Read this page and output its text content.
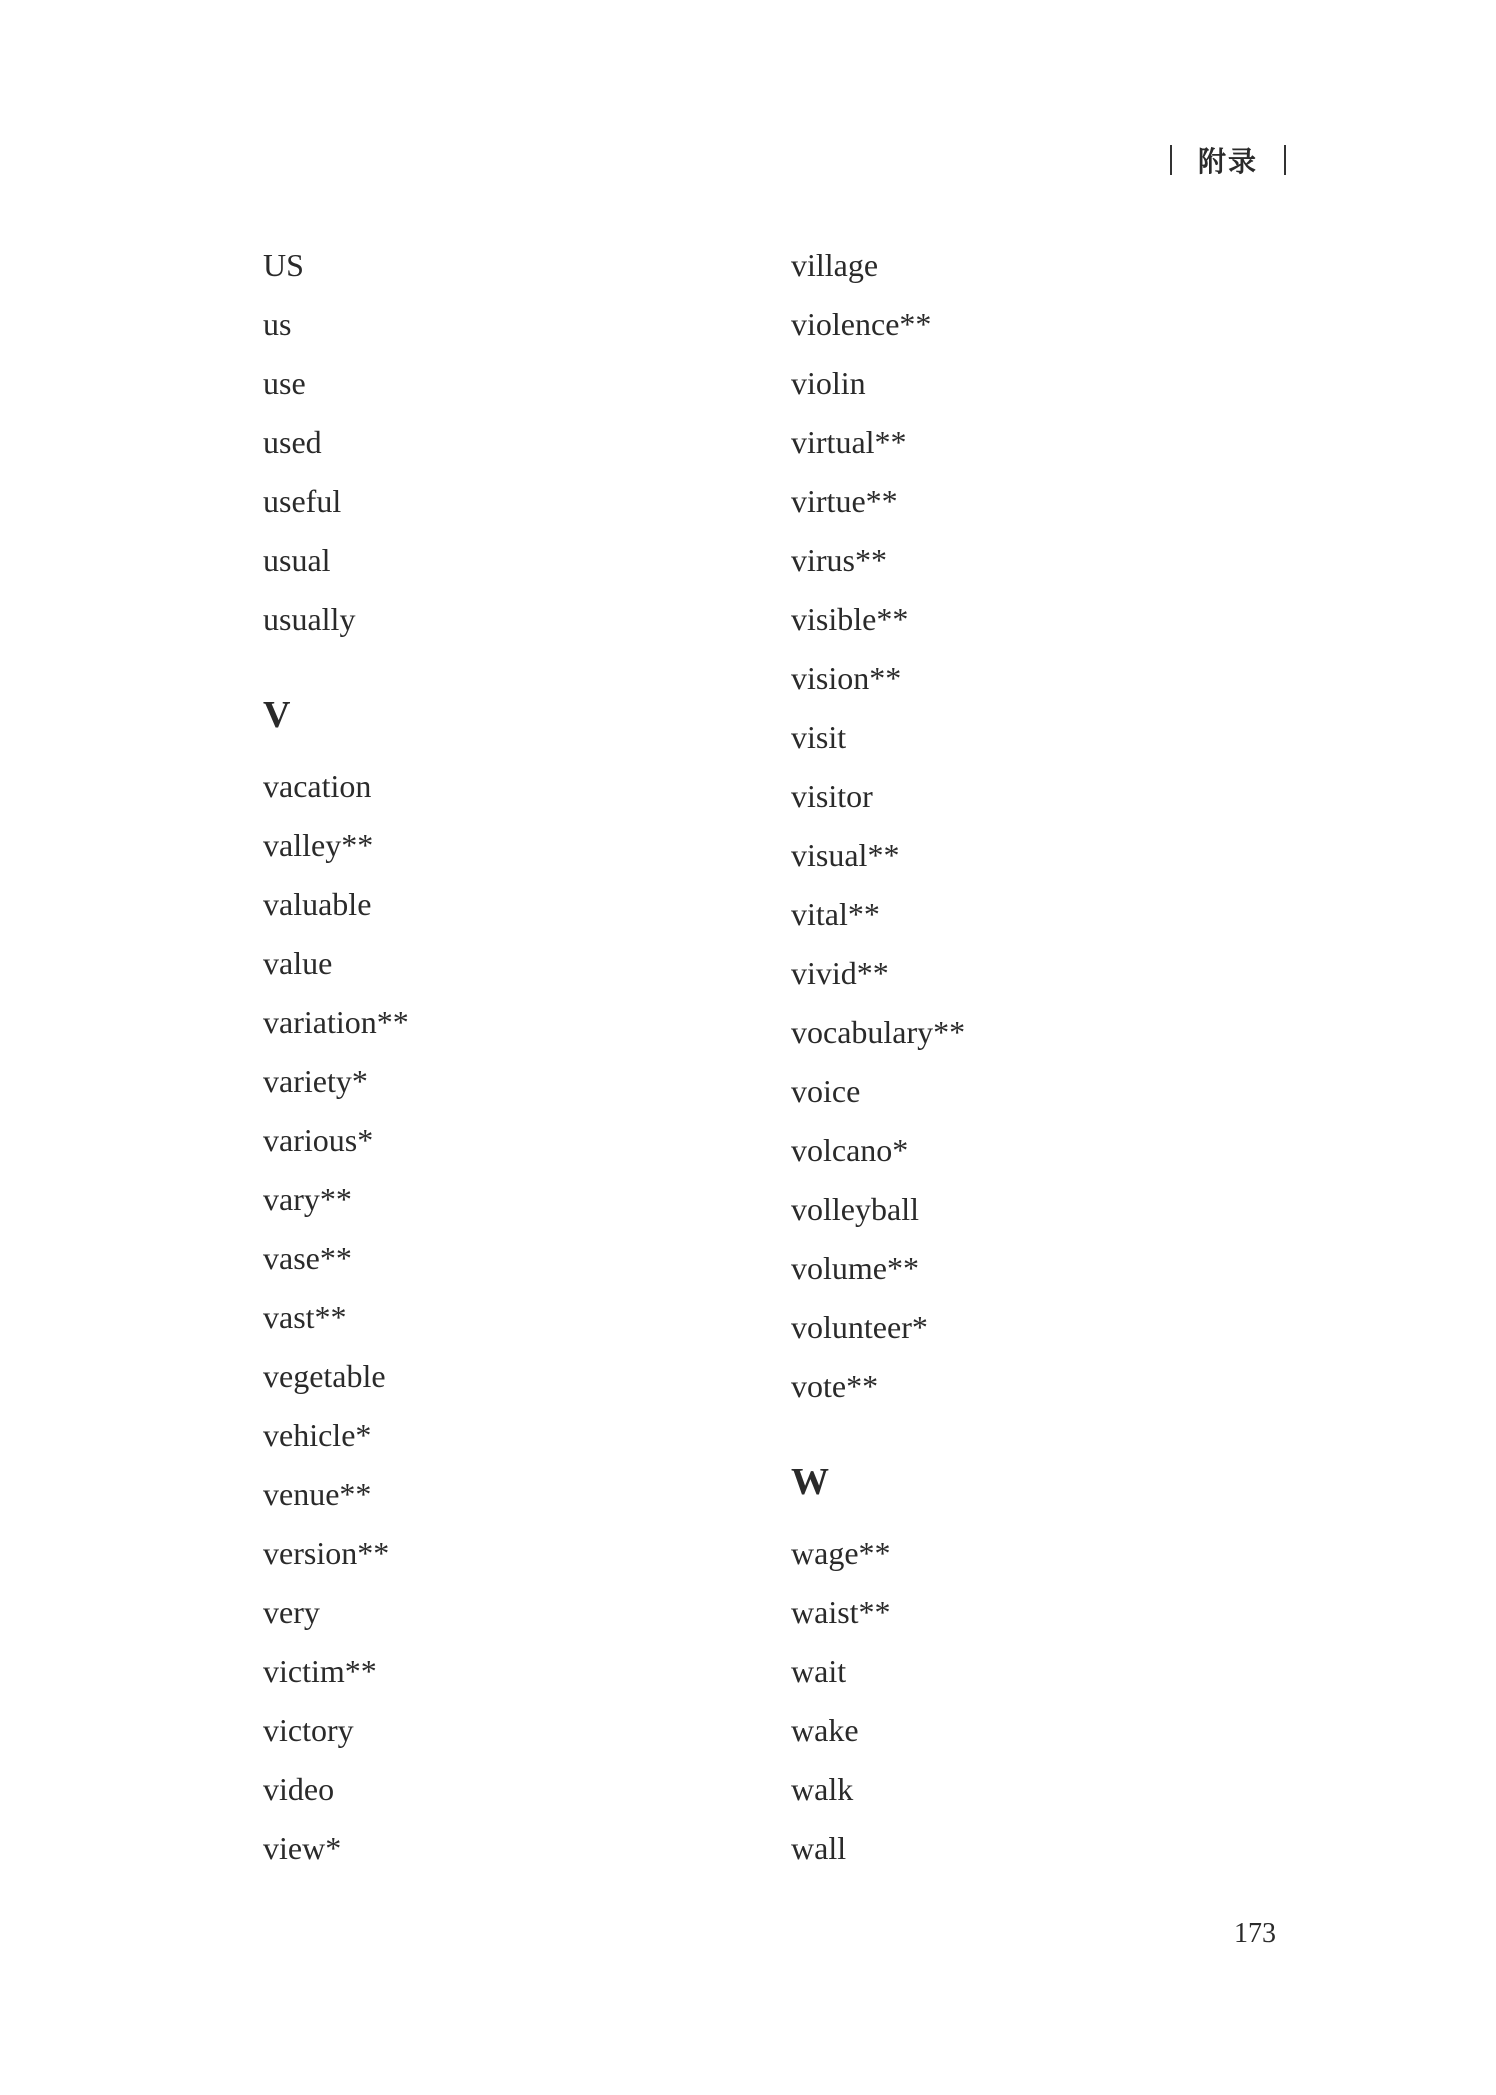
附录
US
us
use
used
useful
usual
usually
V
vacation
valley**
valuable
value
variation**
variety*
various*
vary**
vase**
vast**
vegetable
vehicle*
venue**
version**
very
victim**
victory
video
view*
village
violence**
violin
virtual**
virtue**
virus**
visible**
vision**
visit
visitor
visual**
vital**
vivid**
vocabulary**
voice
volcano*
volleyball
volume**
volunteer*
vote**
W
wage**
waist**
wait
wake
walk
wall
173
